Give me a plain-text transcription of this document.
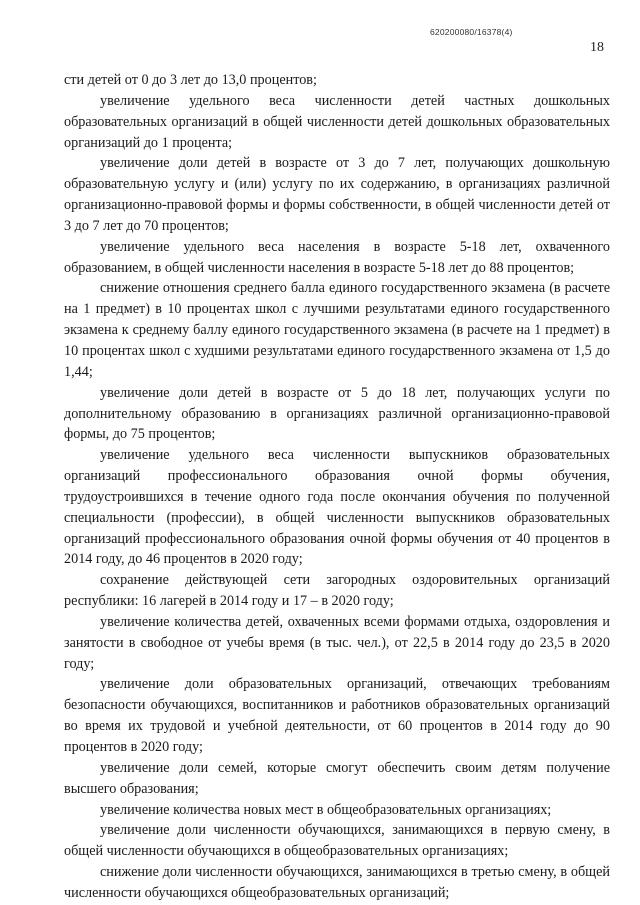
620200080/16378(4)
18

сти детей от 0 до 3 лет до 13,0 процентов;

увеличение удельного веса численности детей частных дошкольных образовательных организаций в общей численности детей дошкольных образовательных организаций до 1 процента;

увеличение доли детей в возрасте от 3 до 7 лет, получающих дошкольную образовательную услугу и (или) услугу по их содержанию, в организациях различной организационно-правовой формы и формы собственности, в общей численности детей от 3 до 7 лет до 70 процентов;

увеличение удельного веса населения в возрасте 5-18 лет, охваченного образованием, в общей численности населения в возрасте 5-18 лет до 88 процентов;

снижение отношения среднего балла единого государственного экзамена (в расчете на 1 предмет) в 10 процентах школ с лучшими результатами единого государственного экзамена к среднему баллу единого государственного экзамена (в расчете на 1 предмет) в 10 процентах школ с худшими результатами единого государственного экзамена от 1,5 до 1,44;

увеличение доли детей в возрасте от 5 до 18 лет, получающих услуги по дополнительному образованию в организациях различной организационно-правовой формы, до 75 процентов;

увеличение удельного веса численности выпускников образовательных организаций профессионального образования очной формы обучения, трудоустроившихся в течение одного года после окончания обучения по полученной специальности (профессии), в общей численности выпускников образовательных организаций профессионального образования очной формы обучения от 40 процентов в 2014 году, до 46 процентов в 2020 году;

сохранение действующей сети загородных оздоровительных организаций республики: 16 лагерей в 2014 году и 17 – в 2020 году;

увеличение количества детей, охваченных всеми формами отдыха, оздоровления и занятости в свободное от учебы время (в тыс. чел.), от 22,5 в 2014 году до 23,5 в 2020 году;

увеличение доли образовательных организаций, отвечающих требованиям безопасности обучающихся, воспитанников и работников образовательных организаций во время их трудовой и учебной деятельности, от 60 процентов в 2014 году до 90 процентов в 2020 году;

увеличение доли семей, которые смогут обеспечить своим детям получение высшего образования;

увеличение количества новых мест в общеобразовательных организациях;

увеличение доли численности обучающихся, занимающихся в первую смену, в общей численности обучающихся в общеобразовательных организациях;

снижение доли численности обучающихся, занимающихся в третью смену, в общей численности обучающихся общеобразовательных организаций;
